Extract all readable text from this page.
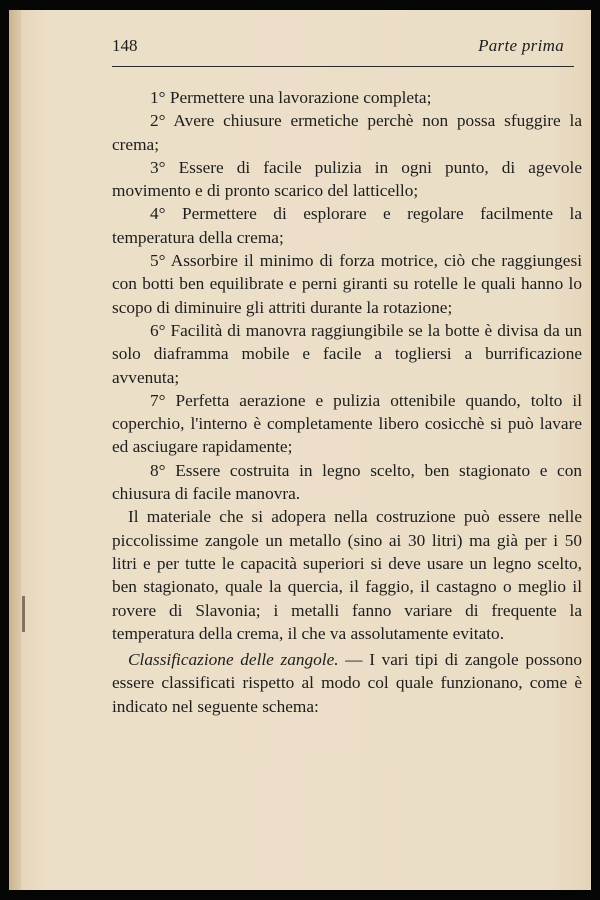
148	Parte prima

1° Permettere una lavorazione completa;

2° Avere chiusure ermetiche perchè non possa sfuggire la crema;

3° Essere di facile pulizia in ogni punto, di agevole movimento e di pronto scarico del latticello;

4° Permettere di esplorare e regolare facilmente la temperatura della crema;

5° Assorbire il minimo di forza motrice, ciò che raggiungesi con botti ben equilibrate e perni giranti su rotelle le quali hanno lo scopo di diminuire gli attriti durante la rotazione;

6° Facilità di manovra raggiungibile se la botte è divisa da un solo diaframma mobile e facile a togliersi a burrificazione avvenuta;

7° Perfetta aerazione e pulizia ottenibile quando, tolto il coperchio, l'interno è completamente libero cosicchè si può lavare ed asciugare rapidamente;

8° Essere costruita in legno scelto, ben stagionato e con chiusura di facile manovra.

Il materiale che si adopera nella costruzione può essere nelle piccolissime zangole un metallo (sino ai 30 litri) ma già per i 50 litri e per tutte le capacità superiori si deve usare un legno scelto, ben stagionato, quale la quercia, il faggio, il castagno o meglio il rovere di Slavonia; i metalli fanno variare di frequente la temperatura della crema, il che va assolutamente evitato.

Classificazione delle zangole. — I vari tipi di zangole possono essere classificati rispetto al modo col quale funzionano, come è indicato nel seguente schema:
